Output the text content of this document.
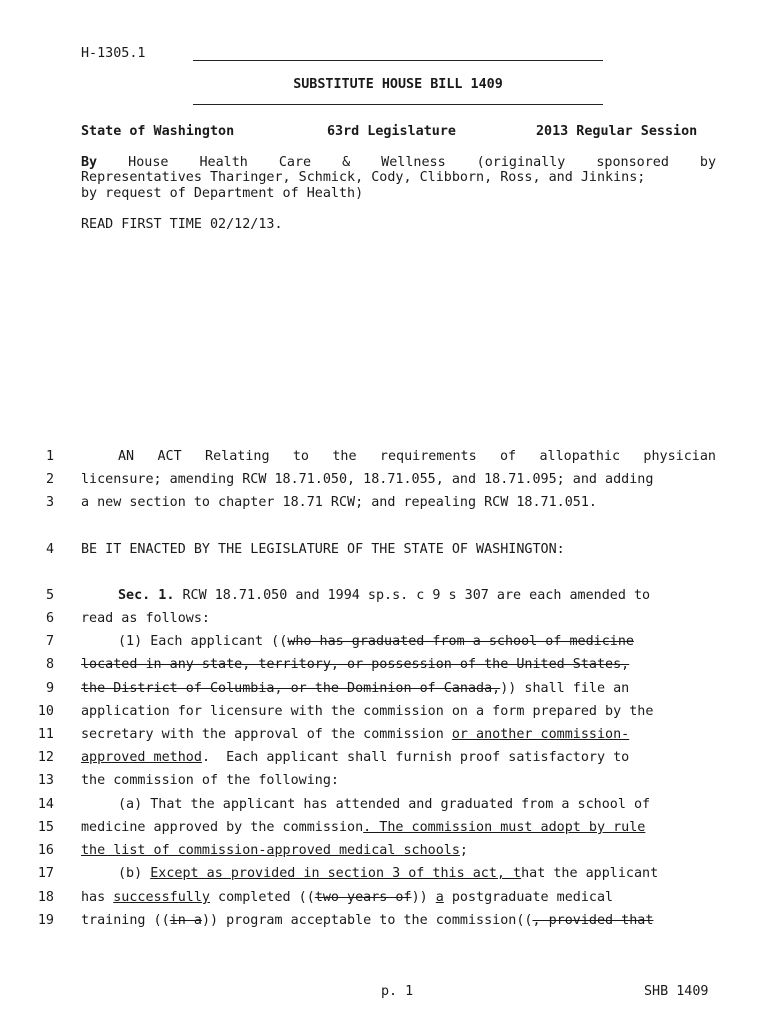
H-1305.1
SUBSTITUTE HOUSE BILL 1409
State of Washington	63rd Legislature	2013 Regular Session
By House Health Care & Wellness (originally sponsored by
Representatives Tharinger, Schmick, Cody, Clibborn, Ross, and Jinkins;
by request of Department of Health)
READ FIRST TIME 02/12/13.
1	AN ACT Relating to the requirements of allopathic physician
2 licensure; amending RCW 18.71.050, 18.71.055, and 18.71.095; and adding
3 a new section to chapter 18.71 RCW; and repealing RCW 18.71.051.
4 BE IT ENACTED BY THE LEGISLATURE OF THE STATE OF WASHINGTON:
5	Sec. 1. RCW 18.71.050 and 1994 sp.s. c 9 s 307 are each amended to
6 read as follows:
7	(1) Each applicant ((who has graduated from a school of medicine
8 located in any state, territory, or possession of the United States,
9 the District of Columbia, or the Dominion of Canada,)) shall file an
10 application for licensure with the commission on a form prepared by the
11 secretary with the approval of the commission or another commission-
12 approved method.  Each applicant shall furnish proof satisfactory to
13 the commission of the following:
14	(a) That the applicant has attended and graduated from a school of
15 medicine approved by the commission. The commission must adopt by rule
16 the list of commission-approved medical schools;
17	(b) Except as provided in section 3 of this act, that the applicant
18 has successfully completed ((two years of)) a postgraduate medical
19 training ((in a)) program acceptable to the commission((, provided that
p. 1	SHB 1409
